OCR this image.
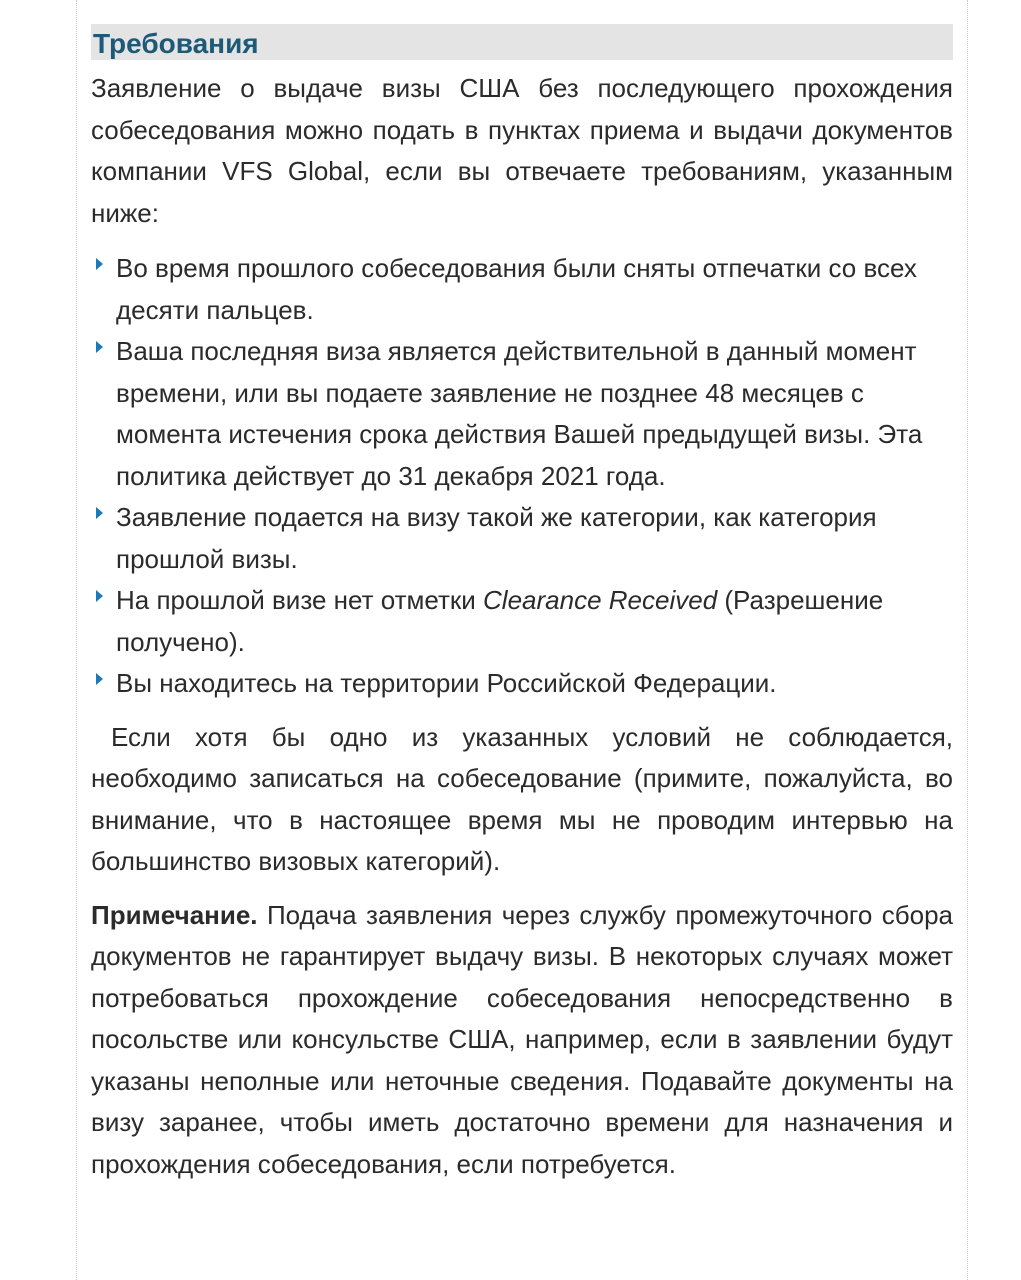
Требования

Заявление о выдаче визы США без последующего прохождения собеседования можно подать в пунктах приема и выдачи документов компании VFS Global, если вы отвечаете требованиям, указанным ниже:

Во время прошлого собеседования были сняты отпечатки со всех десяти пальцев.
Ваша последняя виза является действительной в данный момент времени, или вы подаете заявление не позднее 48 месяцев с момента истечения срока действия Вашей предыдущей визы. Эта политика действует до 31 декабря 2021 года.
Заявление подается на визу такой же категории, как категория прошлой визы.
На прошлой визе нет отметки Clearance Received (Разрешение получено).
Вы находитесь на территории Российской Федерации.

Если хотя бы одно из указанных условий не соблюдается, необходимо записаться на собеседование (примите, пожалуйста, во внимание, что в настоящее время мы не проводим интервью на большинство визовых категорий).

Примечание. Подача заявления через службу промежуточного сбора документов не гарантирует выдачу визы. В некоторых случаях может потребоваться прохождение собеседования непосредственно в посольстве или консульстве США, например, если в заявлении будут указаны неполные или неточные сведения. Подавайте документы на визу заранее, чтобы иметь достаточно времени для назначения и прохождения собеседования, если потребуется.
